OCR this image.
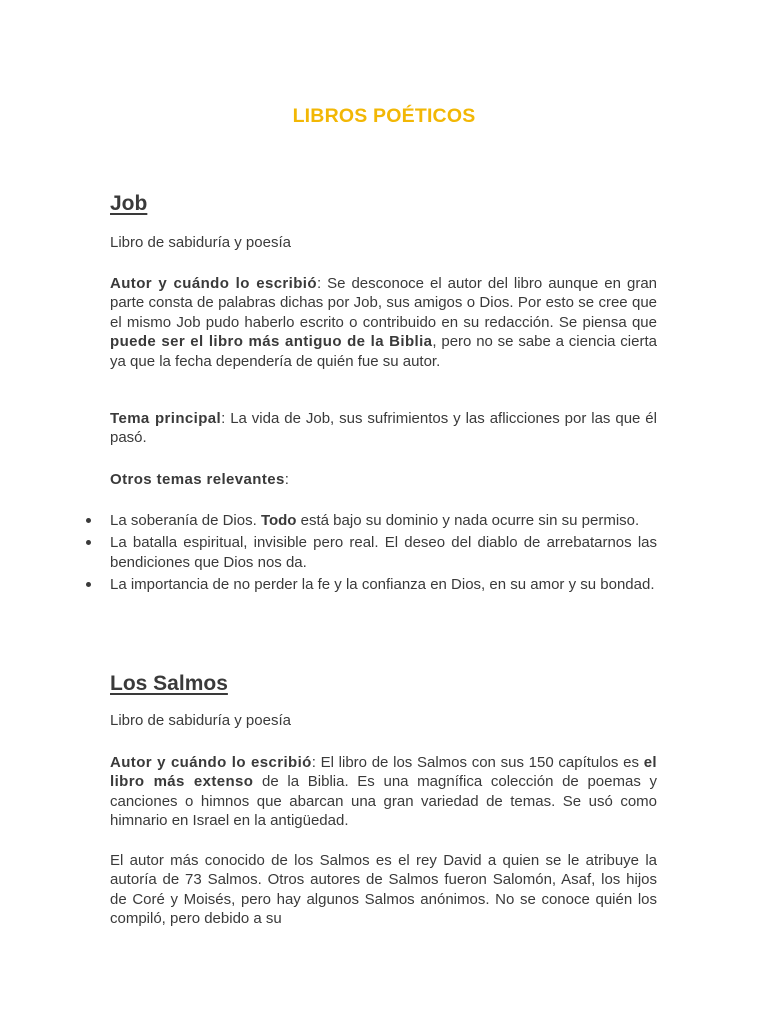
LIBROS POÉTICOS
Job

Libro de sabiduría y poesía

Autor y cuándo lo escribió: Se desconoce el autor del libro aunque en gran parte consta de palabras dichas por Job, sus amigos o Dios. Por esto se cree que el mismo Job pudo haberlo escrito o contribuido en su redacción. Se piensa que puede ser el libro más antiguo de la Biblia, pero no se sabe a ciencia cierta ya que la fecha dependería de quién fue su autor.

Tema principal: La vida de Job, sus sufrimientos y las aflicciones por las que él pasó.

Otros temas relevantes:

La soberanía de Dios. Todo está bajo su dominio y nada ocurre sin su permiso.
La batalla espiritual, invisible pero real. El deseo del diablo de arrebatarnos las bendiciones que Dios nos da.
La importancia de no perder la fe y la confianza en Dios, en su amor y su bondad.
Los Salmos

Libro de sabiduría y poesía

Autor y cuándo lo escribió: El libro de los Salmos con sus 150 capítulos es el libro más extenso de la Biblia. Es una magnífica colección de poemas y canciones o himnos que abarcan una gran variedad de temas. Se usó como himnario en Israel en la antigüedad.

El autor más conocido de los Salmos es el rey David a quien se le atribuye la autoría de 73 Salmos. Otros autores de Salmos fueron Salomón, Asaf, los hijos de Coré y Moisés, pero hay algunos Salmos anónimos. No se conoce quién los compiló, pero debido a su
